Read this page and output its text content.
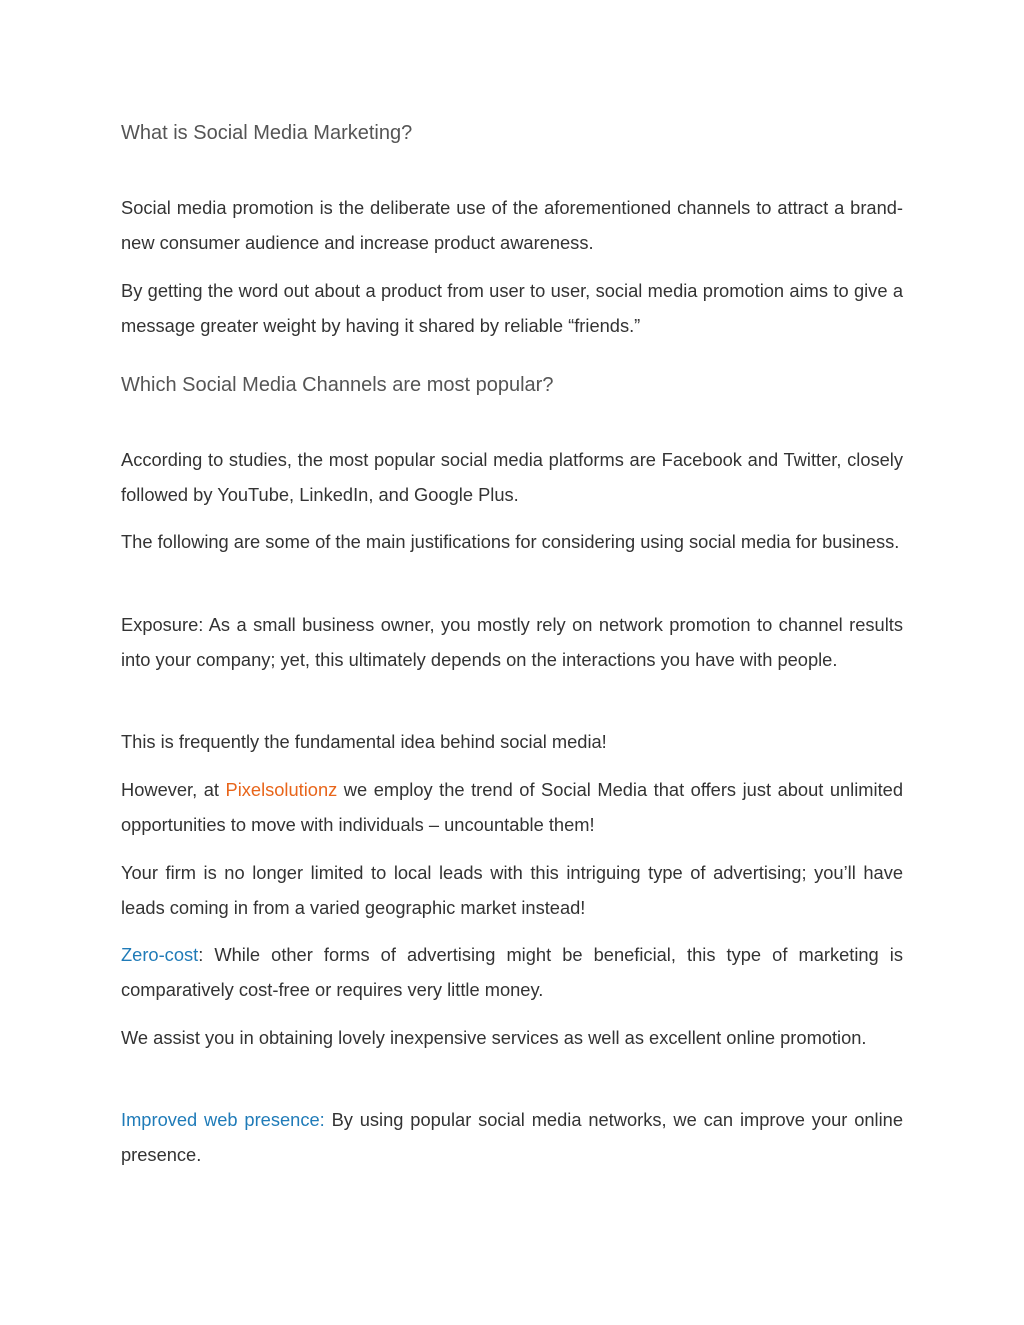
What is Social Media Marketing?

Social media promotion is the deliberate use of the aforementioned channels to attract a brand-new consumer audience and increase product awareness.

By getting the word out about a product from user to user, social media promotion aims to give a message greater weight by having it shared by reliable “friends.”

Which Social Media Channels are most popular?

According to studies, the most popular social media platforms are Facebook and Twitter, closely followed by YouTube, LinkedIn, and Google Plus.

The following are some of the main justifications for considering using social media for business.

Exposure: As a small business owner, you mostly rely on network promotion to channel results into your company; yet, this ultimately depends on the interactions you have with people.

This is frequently the fundamental idea behind social media!

However, at Pixelsolutionz we employ the trend of Social Media that offers just about unlimited opportunities to move with individuals – uncountable them!

Your firm is no longer limited to local leads with this intriguing type of advertising; you’ll have leads coming in from a varied geographic market instead!

Zero-cost: While other forms of advertising might be beneficial, this type of marketing is comparatively cost-free or requires very little money.

We assist you in obtaining lovely inexpensive services as well as excellent online promotion.

Improved web presence: By using popular social media networks, we can improve your online presence.
